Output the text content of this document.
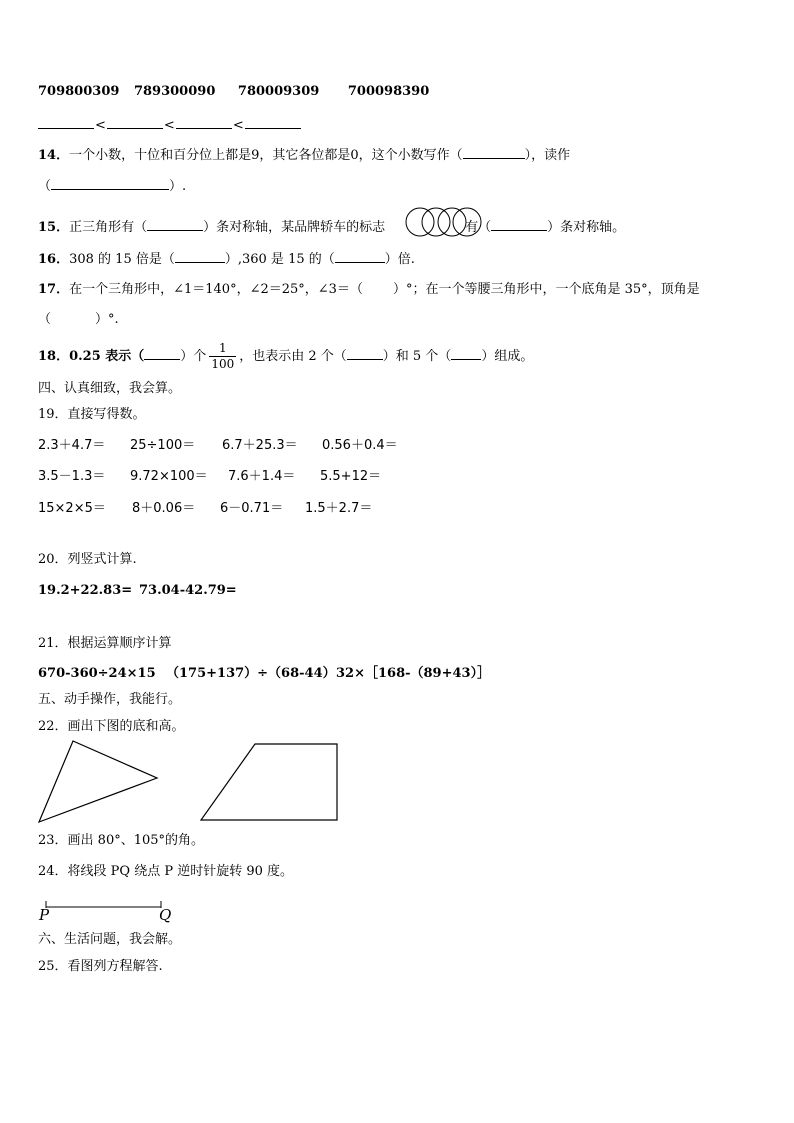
709800309 789300090 780009309 700098390
<	<	<
14．一个小数，十位和百分位上都是9，其它各位都是0，这个小数写作（	），读作
（	）.
15．正三角形有（	）条对称轴，某品牌轿车的标志	有（	）条对称轴。
16．308 的 15 倍是（	）,360 是 15 的（	）倍.
17．在一个三角形中，∠1＝140°，∠2＝25°，∠3＝（ ）°；在一个等腰三角形中，一个底角是 35°，顶角是
（	）°.
18．0.25 表示（	）个 $\frac{1}{100}$ ，也表示由 2 个（	）和 5 个（ ）组成。
四、认真细致，我会算。
19．直接写得数。
2.3＋4.7＝ 25÷100＝ 6.7＋25.3＝ 0.56＋0.4＝
3.5－1.3＝ 9.72×100＝ 7.6＋1.4＝ 5.5+12＝
15×2×5＝ 8＋0.06＝ 6－0.71＝ 1.5＋2.7＝
20．列竖式计算.
19.2+22.83= 73.04-42.79=
21．根据运算顺序计算
670-360÷24×15 （175+137）÷（68-44）32×［168-（89+43）］
五、动手操作，我能行。
22．画出下图的底和高。
23．画出 80°、105°的角。
24．将线段 PQ 绕点 P 逆时针旋转 90 度。
P	Q
六、生活问题，我会解。
25．看图列方程解答.
